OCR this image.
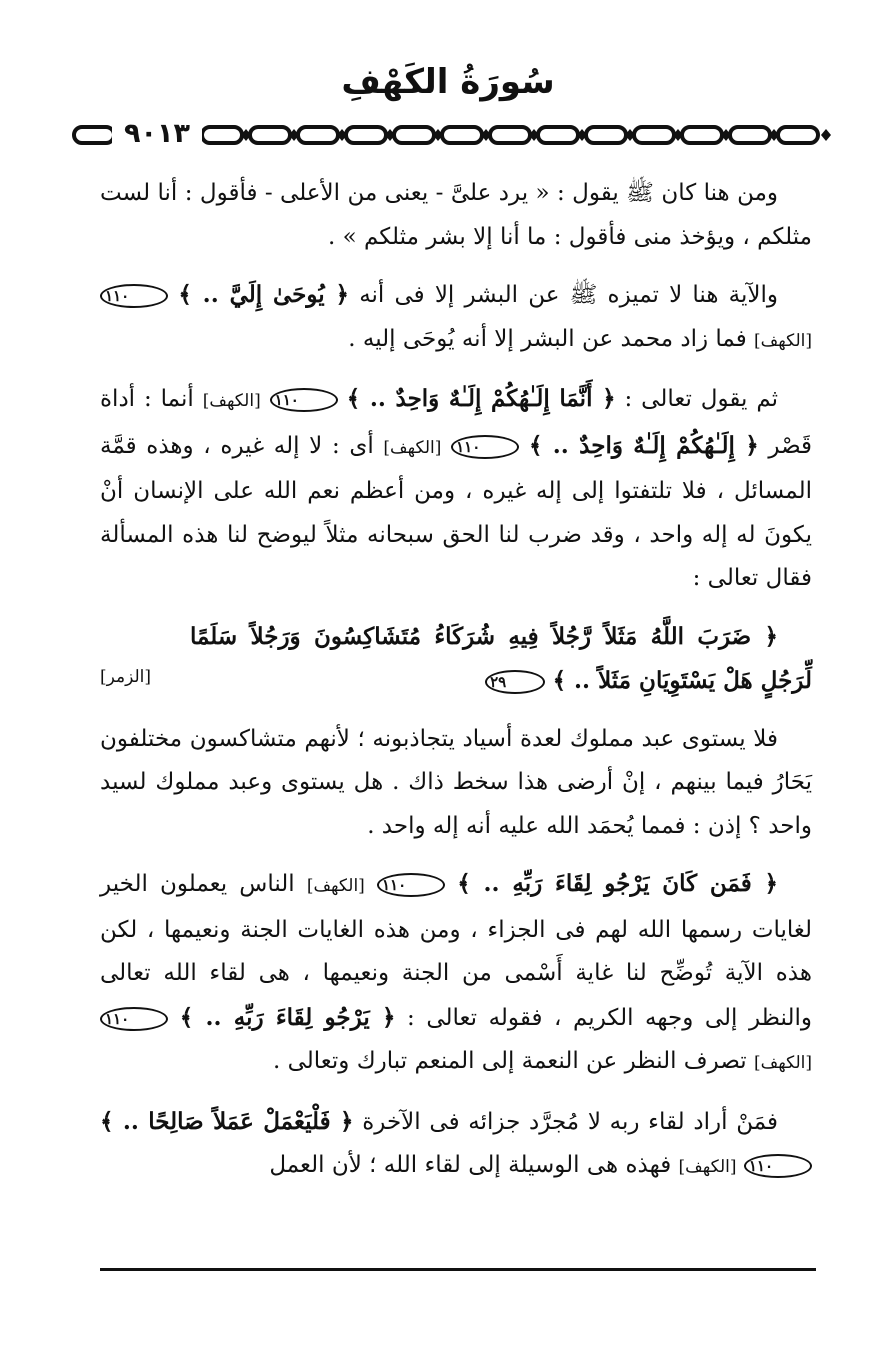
سُورَةُ الكَهْفِ
٩٠١٣

ومن هنا كان ﷺ يقول : « يرد علىَّ - يعنى من الأعلى - فأقول : أنا لست مثلكم ، ويؤخذ منى فأقول : ما أنا إلا بشر مثلكم » .

والآية هنا لا تميزه ﷺ عن البشر إلا فى أنه ﴿ يُوحَىٰ إِلَيَّ .. ﴾ ١١٠ [الكهف] فما زاد محمد عن البشر إلا أنه يُوحَى إليه .

ثم يقول تعالى : ﴿ أَنَّمَا إِلَـٰهُكُمْ إِلَـٰهٌ وَاحِدٌ .. ﴾ ١١٠ [الكهف] أنما : أداة قَصْر ﴿ إِلَـٰهُكُمْ إِلَـٰهٌ وَاحِدٌ .. ﴾ ١١٠ [الكهف] أى : لا إله غيره ، وهذه قمَّة المسائل ، فلا تلتفتوا إلى إله غيره ، ومن أعظم نعم الله على الإنسان أنْ يكونَ له إله واحد ، وقد ضرب لنا الحق سبحانه مثلاً ليوضح لنا هذه المسألة فقال تعالى :

﴿ ضَرَبَ اللَّهُ مَثَلاً رَّجُلاً فِيهِ شُرَكَاءُ مُتَشَاكِسُونَ وَرَجُلاً سَلَمًا لِّرَجُلٍ هَلْ يَسْتَوِيَانِ مَثَلاً .. ﴾ ٢٩
[الزمر]

فلا يستوى عبد مملوك لعدة أسياد يتجاذبونه ؛ لأنهم متشاكسون مختلفون يَحَارُ فيما بينهم ، إنْ أرضى هذا سخط ذاك . هل يستوى وعبد مملوك لسيد واحد ؟ إذن : فمما يُحمَد الله عليه أنه إله واحد .

﴿ فَمَن كَانَ يَرْجُو لِقَاءَ رَبِّهِ .. ﴾ ١١٠ [الكهف] الناس يعملون الخير لغايات رسمها الله لهم فى الجزاء ، ومن هذه الغايات الجنة ونعيمها ، لكن هذه الآية تُوضِّح لنا غاية أَسْمى من الجنة ونعيمها ، هى لقاء الله تعالى والنظر إلى وجهه الكريم ، فقوله تعالى : ﴿ يَرْجُو لِقَاءَ رَبِّهِ .. ﴾ ١١٠ [الكهف] تصرف النظر عن النعمة إلى المنعم تبارك وتعالى .

فمَنْ أراد لقاء ربه لا مُجرَّد جزائه فى الآخرة ﴿ فَلْيَعْمَلْ عَمَلاً صَالِحًا .. ﴾ ١١٠ [الكهف] فهذه هى الوسيلة إلى لقاء الله ؛ لأن العمل
